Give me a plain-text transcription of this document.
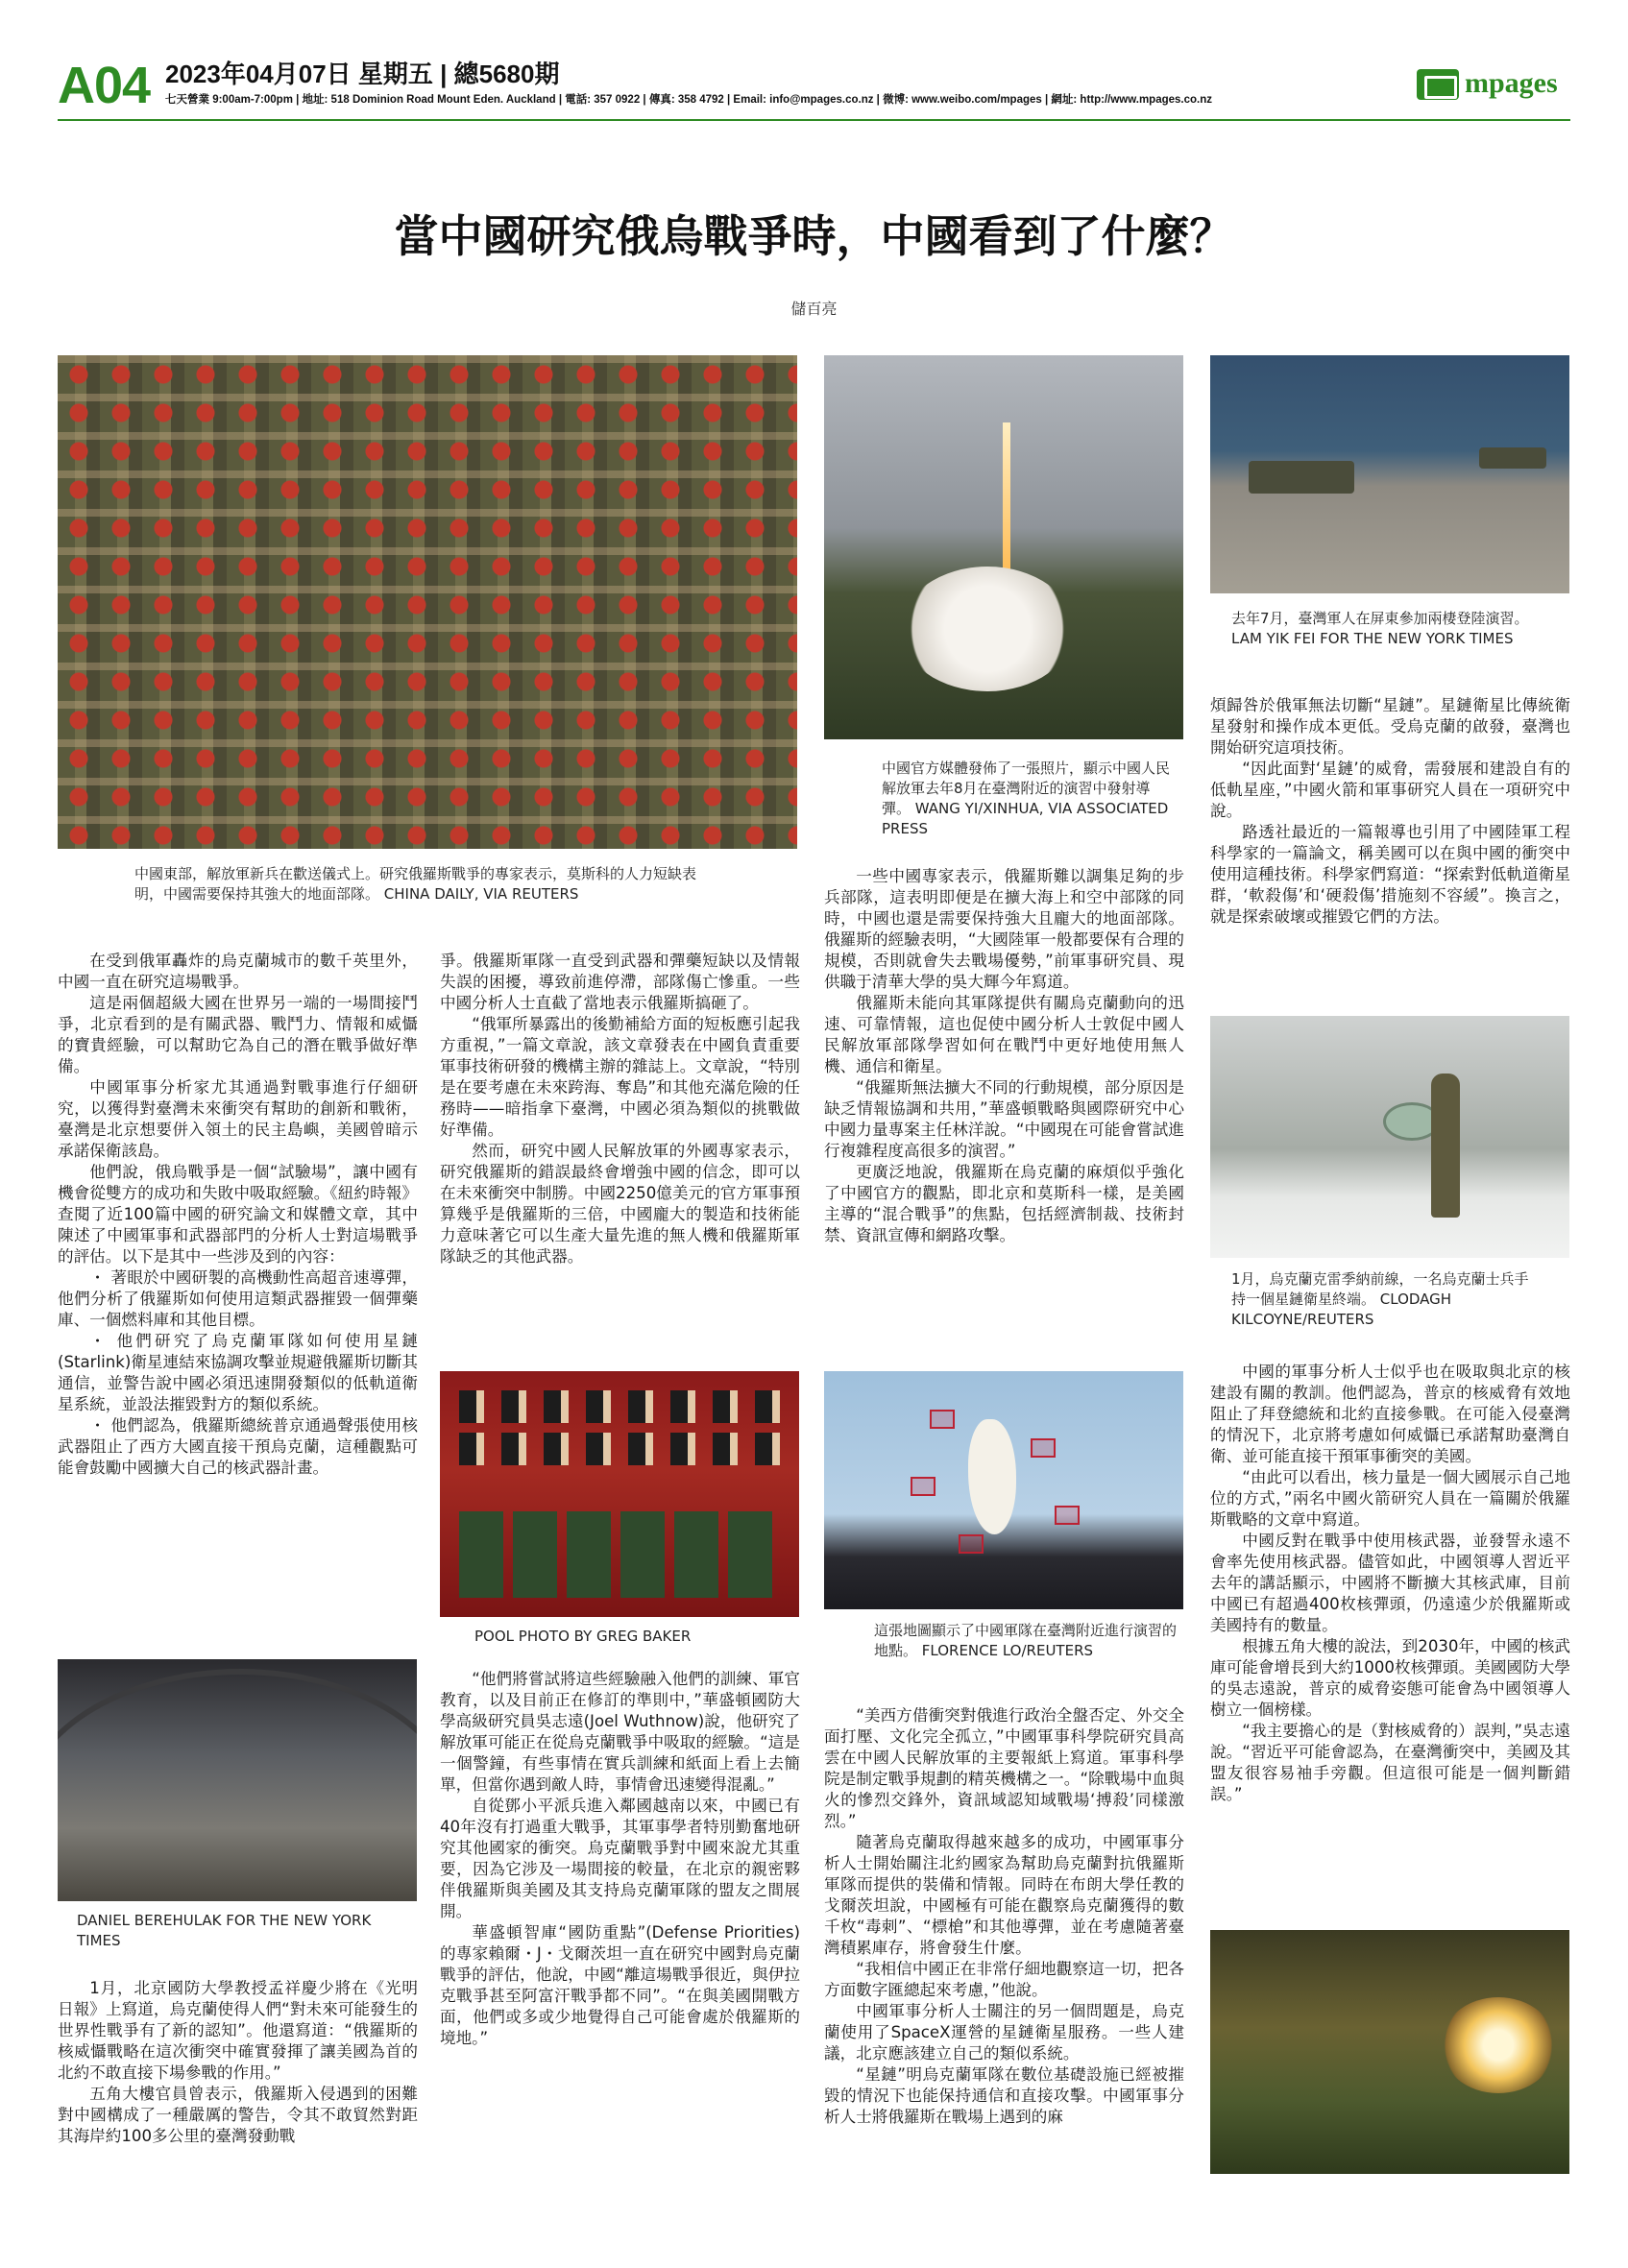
A04 2023年04月07日 星期五 | 總5680期
七天營業 9:00am-7:00pm | 地址: 518 Dominion Road Mount Eden. Auckland | 電話: 357 0922 | 傳真: 358 4792 | Email: info@mpages.co.nz | 微博: www.weibo.com/mpages | 網址: http://www.mpages.co.nz
mpages
當中國研究俄烏戰爭時，中國看到了什麼？
儲百亮
中國東部，解放軍新兵在歡送儀式上。研究俄羅斯戰爭的專家表示，莫斯科的人力短缺表明，中國需要保持其強大的地面部隊。 CHINA DAILY, VIA REUTERS
中國官方媒體發佈了一張照片，顯示中國人民解放軍去年8月在臺灣附近的演習中發射導彈。 WANG YI/XINHUA, VIA ASSOCIATED PRESS
去年7月，臺灣軍人在屏東參加兩棲登陸演習。 LAM YIK FEI FOR THE NEW YORK TIMES
1月，烏克蘭克雷季納前線，一名烏克蘭士兵手持一個星鏈衛星終端。 CLODAGH KILCOYNE/REUTERS
POOL PHOTO BY GREG BAKER
DANIEL BEREHULAK FOR THE NEW YORK TIMES
這張地圖顯示了中國軍隊在臺灣附近進行演習的地點。 FLORENCE LO/REUTERS

在受到俄軍轟炸的烏克蘭城市的數千英里外，中國一直在研究這場戰爭。

這是兩個超級大國在世界另一端的一場間接鬥爭，北京看到的是有關武器、戰鬥力、情報和威懾的寶貴經驗，可以幫助它為自己的潛在戰爭做好準備。

中國軍事分析家尤其通過對戰事進行仔細研究，以獲得對臺灣未來衝突有幫助的創新和戰術，臺灣是北京想要併入領土的民主島嶼，美國曾暗示承諾保衛該島。

他們說，俄烏戰爭是一個“試驗場”，讓中國有機會從雙方的成功和失敗中吸取經驗。《紐約時報》查閱了近100篇中國的研究論文和媒體文章，其中陳述了中國軍事和武器部門的分析人士對這場戰爭的評估。以下是其中一些涉及到的內容：

・ 著眼於中國研製的高機動性高超音速導彈，他們分析了俄羅斯如何使用這類武器摧毀一個彈藥庫、一個燃料庫和其他目標。

・ 他們研究了烏克蘭軍隊如何使用星鏈(Starlink)衛星連結來協調攻擊並規避俄羅斯切斷其通信，並警告說中國必須迅速開發類似的低軌道衛星系統，並設法摧毀對方的類似系統。

・ 他們認為，俄羅斯總統普京通過聲張使用核武器阻止了西方大國直接干預烏克蘭，這種觀點可能會鼓勵中國擴大自己的核武器計畫。

1月，北京國防大學教授孟祥慶少將在《光明日報》上寫道，烏克蘭使得人們“對未來可能發生的世界性戰爭有了新的認知”。他還寫道：“俄羅斯的核威懾戰略在這次衝突中確實發揮了讓美國為首的北約不敢直接下場參戰的作用。”

五角大樓官員曾表示，俄羅斯入侵遇到的困難對中國構成了一種嚴厲的警告，令其不敢貿然對距其海岸約100多公里的臺灣發動戰

爭。俄羅斯軍隊一直受到武器和彈藥短缺以及情報失誤的困擾，導致前進停滯，部隊傷亡慘重。一些中國分析人士直截了當地表示俄羅斯搞砸了。

“俄軍所暴露出的後勤補給方面的短板應引起我方重視，”一篇文章說，該文章發表在中國負責重要軍事技術研發的機構主辦的雜誌上。文章說，“特別是在要考慮在未來跨海、奪島”和其他充滿危險的任務時——暗指拿下臺灣，中國必須為類似的挑戰做好準備。

然而，研究中國人民解放軍的外國專家表示，研究俄羅斯的錯誤最終會增強中國的信念，即可以在未來衝突中制勝。中國2250億美元的官方軍事預算幾乎是俄羅斯的三倍，中國龐大的製造和技術能力意味著它可以生產大量先進的無人機和俄羅斯軍隊缺乏的其他武器。

“他們將嘗試將這些經驗融入他們的訓練、軍官教育，以及目前正在修訂的準則中，”華盛頓國防大學高級研究員吳志遠(Joel Wuthnow)說，他研究了解放軍可能正在從烏克蘭戰爭中吸取的經驗。“這是一個警鐘，有些事情在實兵訓練和紙面上看上去簡單，但當你遇到敵人時，事情會迅速變得混亂。”

自從鄧小平派兵進入鄰國越南以來，中國已有40年沒有打過重大戰爭，其軍事學者特別勤奮地研究其他國家的衝突。烏克蘭戰爭對中國來說尤其重要，因為它涉及一場間接的較量，在北京的親密夥伴俄羅斯與美國及其支持烏克蘭軍隊的盟友之間展開。

華盛頓智庫“國防重點”(Defense Priorities)的專家賴爾・J・戈爾茨坦一直在研究中國對烏克蘭戰爭的評估，他說，中國“離這場戰爭很近，與伊拉克戰爭甚至阿富汗戰爭都不同”。“在與美國開戰方面，他們或多或少地覺得自己可能會處於俄羅斯的境地。”

一些中國專家表示，俄羅斯難以調集足夠的步兵部隊，這表明即便是在擴大海上和空中部隊的同時，中國也還是需要保持強大且龐大的地面部隊。俄羅斯的經驗表明，“大國陸軍一般都要保有合理的規模，否則就會失去戰場優勢，”前軍事研究員、現供職于清華大學的吳大輝今年寫道。

俄羅斯未能向其軍隊提供有關烏克蘭動向的迅速、可靠情報，這也促使中國分析人士敦促中國人民解放軍部隊學習如何在戰鬥中更好地使用無人機、通信和衛星。

“俄羅斯無法擴大不同的行動規模，部分原因是缺乏情報協調和共用，”華盛頓戰略與國際研究中心中國力量專案主任林洋說。“中國現在可能會嘗試進行複雜程度高很多的演習。”

更廣泛地說，俄羅斯在烏克蘭的麻煩似乎強化了中國官方的觀點，即北京和莫斯科一樣，是美國主導的“混合戰爭”的焦點，包括經濟制裁、技術封禁、資訊宣傳和網路攻擊。

“美西方借衝突對俄進行政治全盤否定、外交全面打壓、文化完全孤立，”中國軍事科學院研究員高雲在中國人民解放軍的主要報紙上寫道。軍事科學院是制定戰爭規劃的精英機構之一。“除戰場中血與火的慘烈交鋒外，資訊域認知域戰場‘搏殺’同樣激烈。”

隨著烏克蘭取得越來越多的成功，中國軍事分析人士開始關注北約國家為幫助烏克蘭對抗俄羅斯軍隊而提供的裝備和情報。同時在布朗大學任教的戈爾茨坦說，中國極有可能在觀察烏克蘭獲得的數千枚“毒刺”、“標槍”和其他導彈，並在考慮隨著臺灣積累庫存，將會發生什麼。

“我相信中國正在非常仔細地觀察這一切，把各方面數字匯總起來考慮，”他說。

中國軍事分析人士關注的另一個問題是，烏克蘭使用了SpaceX運營的星鏈衛星服務。一些人建議，北京應該建立自己的類似系統。

“星鏈”明烏克蘭軍隊在數位基礎設施已經被摧毀的情況下也能保持通信和直接攻擊。中國軍事分析人士將俄羅斯在戰場上遇到的麻

煩歸咎於俄軍無法切斷“星鏈”。星鏈衛星比傳統衛星發射和操作成本更低。受烏克蘭的啟發，臺灣也開始研究這項技術。

“因此面對‘星鏈’的威脅，需發展和建設自有的低軌星座，”中國火箭和軍事研究人員在一項研究中說。

路透社最近的一篇報導也引用了中國陸軍工程科學家的一篇論文，稱美國可以在與中國的衝突中使用這種技術。科學家們寫道：“探索對低軌道衛星群，‘軟殺傷’和‘硬殺傷’措施刻不容緩”。換言之，就是探索破壞或摧毀它們的方法。

中國的軍事分析人士似乎也在吸取與北京的核建設有關的教訓。他們認為，普京的核威脅有效地阻止了拜登總統和北約直接參戰。在可能入侵臺灣的情況下，北京將考慮如何威懾已承諾幫助臺灣自衛、並可能直接干預軍事衝突的美國。

“由此可以看出，核力量是一個大國展示自己地位的方式，”兩名中國火箭研究人員在一篇關於俄羅斯戰略的文章中寫道。

中國反對在戰爭中使用核武器，並發誓永遠不會率先使用核武器。儘管如此，中國領導人習近平去年的講話顯示，中國將不斷擴大其核武庫，目前中國已有超過400枚核彈頭，仍遠遠少於俄羅斯或美國持有的數量。

根據五角大樓的說法，到2030年，中國的核武庫可能會增長到大約1000枚核彈頭。美國國防大學的吳志遠說，普京的威脅姿態可能會為中國領導人樹立一個榜樣。

“我主要擔心的是（對核威脅的）誤判，”吳志遠說。“習近平可能會認為，在臺灣衝突中，美國及其盟友很容易袖手旁觀。但這很可能是一個判斷錯誤。”
